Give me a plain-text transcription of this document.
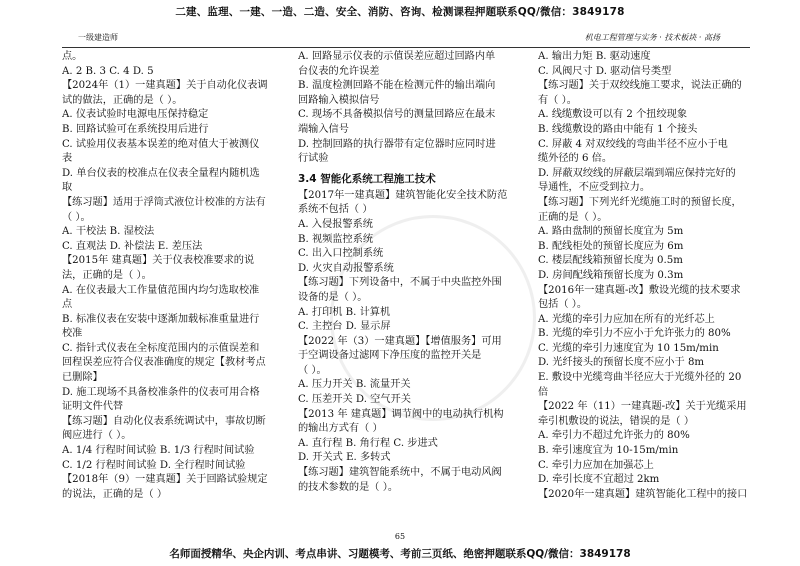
二建、监理、一建、一造、二造、安全、消防、咨询、检测课程押题联系QQ/微信：3849178
一级建造师	机电工程管理与实务 · 技术板块 · 高扬
点。
A. 2 B. 3 C. 4 D. 5
【2024年（1）一建真题】关于自动化仪表调
试的做法，正确的是（ ）。
A. 仪表试验时电源电压保持稳定
B. 回路试验可在系统投用后进行
C. 试验用仪表基本误差的绝对值大于被测仪
表
D. 单台仪表的校准点在仪表全量程内随机选
取
【练习题】适用于浮筒式液位计校准的方法有
（ ）。
A. 干校法 B. 湿校法
C. 直观法 D. 补偿法 E. 差压法
【2015年 建真题】关于仪表校准要求的说
法，正确的是（ ）。
A. 在仪表最大工作量值范围内均匀选取校准
点
B. 标准仪表在安装中逐渐加载标准重量进行
校准
C. 指针式仪表在全标度范围内的示值误差和
回程误差应符合仪表准确度的规定【教材考点
已删除】
D. 施工现场不具备校准条件的仪表可用合格
证明文件代替
【练习题】自动化仪表系统调试中，事故切断
阀应进行（ ）。
A. 1/4 行程时间试验 B. 1/3 行程时间试验
C. 1/2 行程时间试验 D. 全行程时间试验
【2018年（9）一建真题】关于回路试验规定
的说法，正确的是（ ）
A. 回路显示仪表的示值误差应超过回路内单
台仪表的允许误差
B. 温度检测回路不能在检测元件的输出端向
回路输入模拟信号
C. 现场不具备模拟信号的测量回路应在最末
端输入信号
D. 控制回路的执行器带有定位器时应同时进
行试验
3.4 智能化系统工程施工技术
【2017年一建真题】建筑智能化安全技术防范
系统不包括（ ）
A. 入侵报警系统
B. 视频监控系统
C. 出入口控制系统
D. 火灾自动报警系统
【练习题】下列设备中，不属于中央监控外围
设备的是（ ）。
A. 打印机 B. 计算机
C. 主控台 D. 显示屏
【2022 年（3）一建真题】【增值服务】可用
于空调设备过滤网下净压度的监控开关是
（ ）。
A. 压力开关 B. 流量开关
C. 压差开关 D. 空气开关
【2013 年 建真题】调节阀中的电动执行机构
的输出方式有（ ）
A. 直行程 B. 角行程 C. 步进式
D. 开关式 E. 多转式
【练习题】建筑智能系统中，不属于电动风阀
的技术参数的是（ ）。
A. 输出力矩 B. 驱动速度
C. 风阀尺寸 D. 驱动信号类型
【练习题】关于双绞线施工要求，说法正确的
有（ ）。
A. 线缆敷设可以有 2 个扭绞现象
B. 线缆敷设的路由中能有 1 个接头
C. 屏蔽 4 对双绞线的弯曲半径不应小于电
缆外径的 6 倍。
D. 屏蔽双绞线的屏蔽层端到端应保持完好的
导通性，不应受到拉力。
【练习题】下列光纤光缆施工时的预留长度，
正确的是（ ）。
A. 路由盘制的预留长度宜为 5m
B. 配线柜处的预留长度应为 6m
C. 楼层配线箱预留长度为 0.5m
D. 房间配线箱预留长度为 0.3m
【2016年一建真题-改】敷设光缆的技术要求
包括（ ）。
A. 光缆的牵引力应加在所有的光纤芯上
B. 光缆的牵引力不应小于允许张力的 80%
C. 光缆的牵引力速度宜为 10 15m/min
D. 光纤接头的预留长度不应小于 8m
E. 敷设中光缆弯曲半径应大于光缆外径的 20
倍
【2022 年（11）一建真题-改】关于光缆采用
牵引机敷设的说法，错误的是（ ）
A. 牵引力不超过允许张力的 80%
B. 牵引速度宜为 10-15m/min
C. 牵引力应加在加强芯上
D. 牵引长度不宜超过 2km
【2020年一建真题】建筑智能化工程中的接口
65
名师面授精华、央企内训、考点串讲、习题模考、考前三页纸、绝密押题联系QQ/微信：3849178
